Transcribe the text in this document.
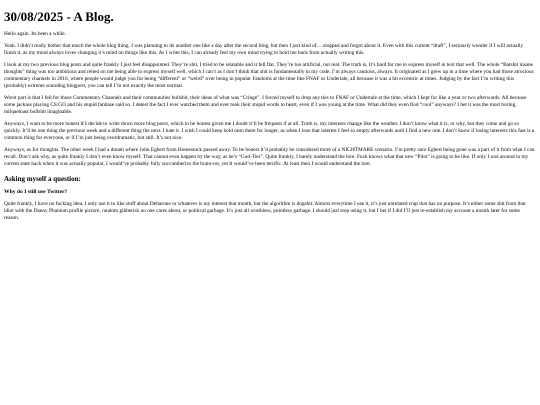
30/08/2025 - A Blog.

Hello again. Its been a while.

Yeah. I didn’t really bother that much the whole blog thing. I was planning to do another one like a day after the second blog, but then I just kind of….stopped and forgot about it. Even with this current “draft”, I seriously wonder if I will actually finish it, as my mind always loves changing it’s mind on things like this. As I write this, I can already feel my own mind trying to hold me back from actually writing this.

I look at my two previous blog posts and quite frankly I just feel disappointed. They’re shit, I tried to be relatable and it fell flat. They’re too artificial, not real. The truth is, It’s hard for me to express myself in text that well. The whole “Batshit insane thoughts” thing was too ambitious and relied on me being able to express myself well, which I can’t as I don’t think that shit is fundamentally in my code. I’m always cautious, always. It originated as I grew up in a time where you had those atrocious commentary channels in 2016, where people would judge you for being “different” or “weird” over being in popular Fandoms at the time like FNAF or Undertale, all because it was a bit eccentric at times. Judging by the fact I’m writing this (probably) extreme sounding blogpost, you can tell I’m not exactly the most normal.

Worst part is that I fell for those Commentary Channels and their communities bullshit, their ideas of what was “Cringe”. I forced myself to drop any ties to FNAF or Undertale at the time, which I kept for like a year or two afterwards. All because some jackass playing CS:GO and his stupid fanbase said so. I detest the fact I ever watched them and ever took their stupid words to heart, even if I was young at the time. What did they even find “cool” anyways? I bet it was the most boring, milquetoast bullshit imaginable.

Anyways, I want to be more honest if I decide to write down more blog posts, which to be honest given me I doubt it’ll be frequent if at all. Truth is, my interests change like the weather. I don’t know what it is, or why, but they come and go so quickly. It’ll be one thing the previous week and a different thing the next. I hate it. I wish I could keep hold onto them for longer, as when I lose that interest I feel so empty afterwards until I find a new one. I don’t know if losing interests this fast is a common thing for everyone, or if I’m just being overdramatic, but still. It’s not nice.

Anyways, as for thoughts. The other week I had a dream where John Egbert from Homestuck passed away. To be honest it’d probably be considered more of a NIGHTMARE scenario. I’m pretty sure Egbert being gone was a part of it from what I can recall. Don’t ask why, as quite frankly I don’t even know myself. That cannot even happen by the way, as he’s “God-Tier”. Quite frankly, I barely understand the lore. Fuck knows what that new “Pilot” is going to be like. If only I was around in my current state back when it was actually popular, I would’ve probably fully succumbed to the brain-rot, yet It would’ve been terrific. At least then I would understand the lore.

Asking myself a question:
Why do I still use Twitter?

Quite frankly, I have no fucking idea. I only use it to like stuff about Deltarune or whatever is my interest that month, but the algorithm is dogshit. Almost everytime I use it, it’s just unrelated crap that has no purpose. It’s either some shit from that idiot with the Danny Phantom profile picture, random gibberish no one cares about, or political garbage. It’s just all worthless, pointless garbage. I should just stop using it, but I bet if I did I’ll just re-establish my account a month later for some reason.
